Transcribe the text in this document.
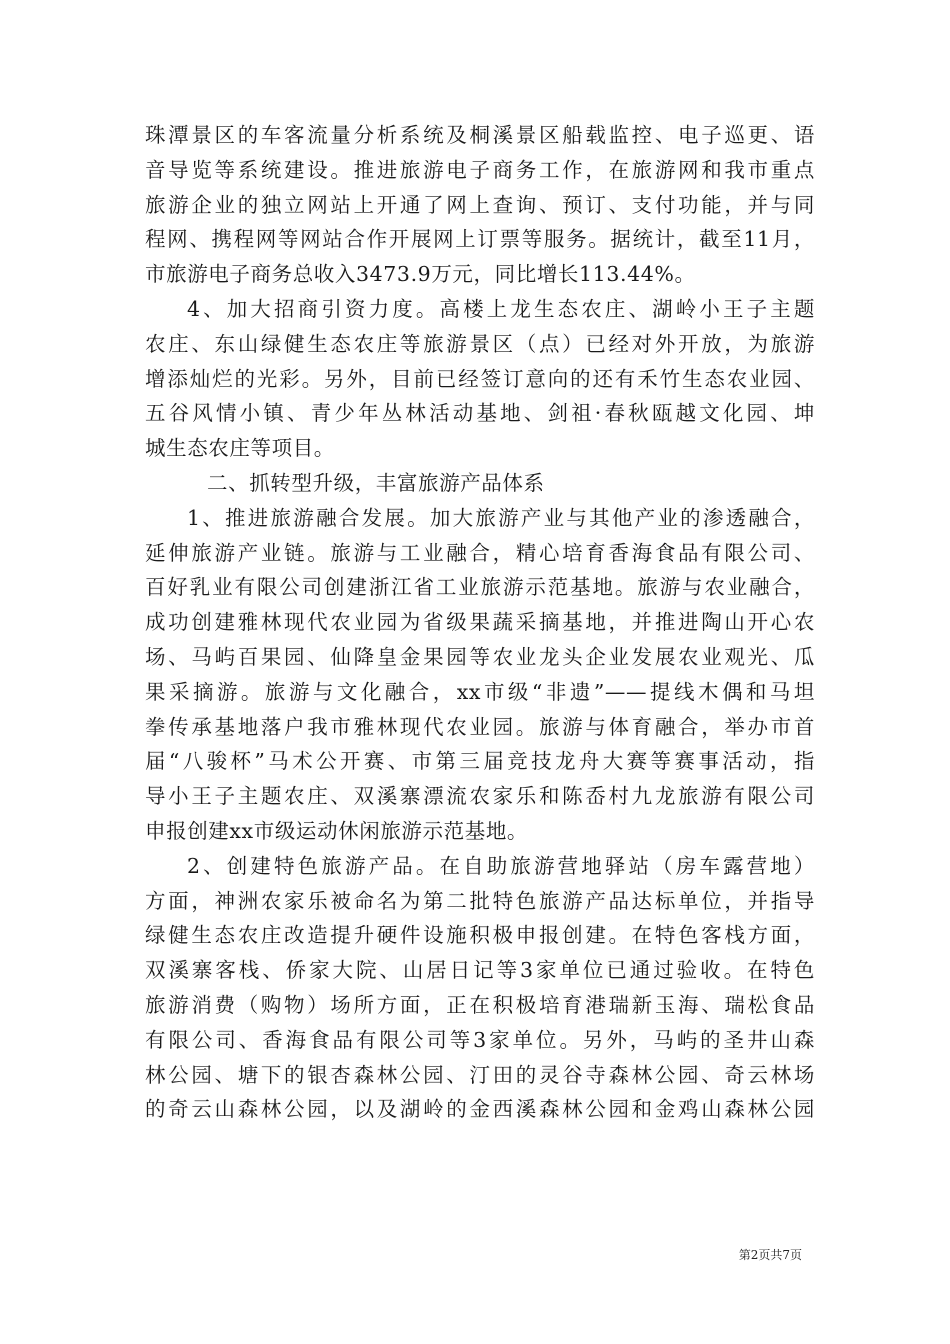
珠潭景区的车客流量分析系统及桐溪景区船载监控、电子巡更、语
音导览等系统建设。推进旅游电子商务工作，在旅游网和我市重点
旅游企业的独立网站上开通了网上查询、预订、支付功能，并与同
程网、携程网等网站合作开展网上订票等服务。据统计，截至11月，
市旅游电子商务总收入3473.9万元，同比增长113.44%。
4、加大招商引资力度。高楼上龙生态农庄、湖岭小王子主题
农庄、东山绿健生态农庄等旅游景区（点）已经对外开放，为旅游
增添灿烂的光彩。另外，目前已经签订意向的还有禾竹生态农业园、
五谷风情小镇、青少年丛林活动基地、剑祖·春秋瓯越文化园、坤
城生态农庄等项目。
二、抓转型升级，丰富旅游产品体系
1、推进旅游融合发展。加大旅游产业与其他产业的渗透融合，
延伸旅游产业链。旅游与工业融合，精心培育香海食品有限公司、
百好乳业有限公司创建浙江省工业旅游示范基地。旅游与农业融合，
成功创建雅林现代农业园为省级果蔬采摘基地，并推进陶山开心农
场、马屿百果园、仙降皇金果园等农业龙头企业发展农业观光、瓜
果采摘游。旅游与文化融合，xx市级“非遗”——提线木偶和马坦
拳传承基地落户我市雅林现代农业园。旅游与体育融合，举办市首
届“八骏杯”马术公开赛、市第三届竞技龙舟大赛等赛事活动，指
导小王子主题农庄、双溪寨漂流农家乐和陈岙村九龙旅游有限公司
申报创建xx市级运动休闲旅游示范基地。
2、创建特色旅游产品。在自助旅游营地驿站（房车露营地）
方面，神洲农家乐被命名为第二批特色旅游产品达标单位，并指导
绿健生态农庄改造提升硬件设施积极申报创建。在特色客栈方面，
双溪寨客栈、侨家大院、山居日记等3家单位已通过验收。在特色
旅游消费（购物）场所方面，正在积极培育港瑞新玉海、瑞松食品
有限公司、香海食品有限公司等3家单位。另外，马屿的圣井山森
林公园、塘下的银杏森林公园、汀田的灵谷寺森林公园、奇云林场
的奇云山森林公园，以及湖岭的金西溪森林公园和金鸡山森林公园
第2页共7页
